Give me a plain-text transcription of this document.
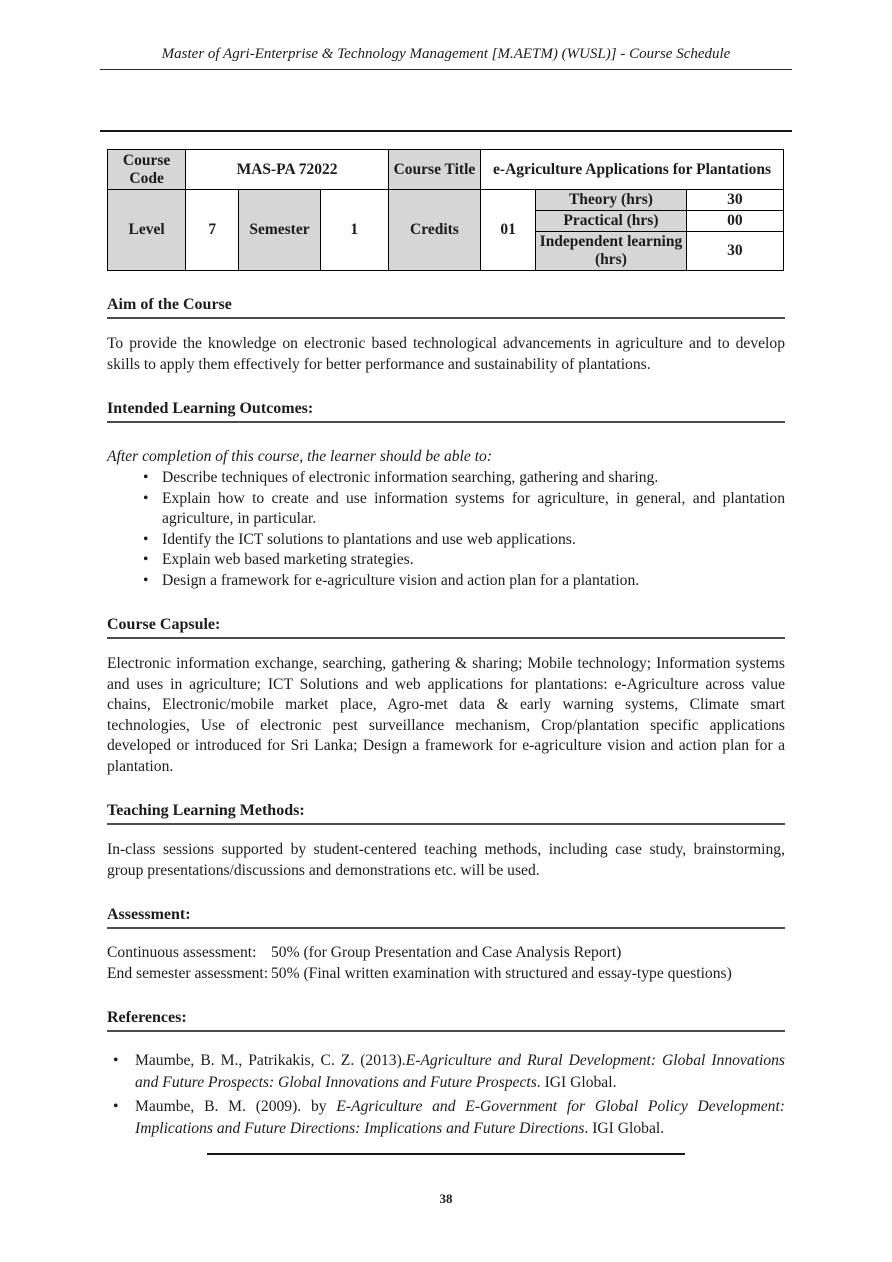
Master of Agri-Enterprise & Technology Management [M.AETM) (WUSL)] - Course Schedule
Course Code	MAS-PA 72022			Course Title	e-Agriculture Applications for Plantations		
Level	7	Semester	1	Credits	01	Theory (hrs)	30
						Practical (hrs)	00
						Independent learning (hrs)	30
Aim of the Course
To provide the knowledge on electronic based technological advancements in agriculture and to develop skills to apply them effectively for better performance and sustainability of plantations.
Intended Learning Outcomes:
After completion of this course, the learner should be able to:
• Describe techniques of electronic information searching, gathering and sharing.
• Explain how to create and use information systems for agriculture, in general, and plantation agriculture, in particular.
• Identify the ICT solutions to plantations and use web applications.
• Explain web based marketing strategies.
• Design a framework for e-agriculture vision and action plan for a plantation.
Course Capsule:
Electronic information exchange, searching, gathering & sharing; Mobile technology; Information systems and uses in agriculture; ICT Solutions and web applications for plantations: e-Agriculture across value chains, Electronic/mobile market place, Agro-met data & early warning systems, Climate smart technologies, Use of electronic pest surveillance mechanism, Crop/plantation specific applications developed or introduced for Sri Lanka; Design a framework for e-agriculture vision and action plan for a plantation.
Teaching Learning Methods:
In-class sessions supported by student-centered teaching methods, including case study, brainstorming, group presentations/discussions and demonstrations etc. will be used.
Assessment:
Continuous assessment: 50% (for Group Presentation and Case Analysis Report)
End semester assessment: 50% (Final written examination with structured and essay-type questions)
References:
• Maumbe, B. M., Patrikakis, C. Z. (2013).E-Agriculture and Rural Development: Global Innovations and Future Prospects: Global Innovations and Future Prospects. IGI Global.
• Maumbe, B. M. (2009). by E-Agriculture and E-Government for Global Policy Development: Implications and Future Directions: Implications and Future Directions. IGI Global.
38
